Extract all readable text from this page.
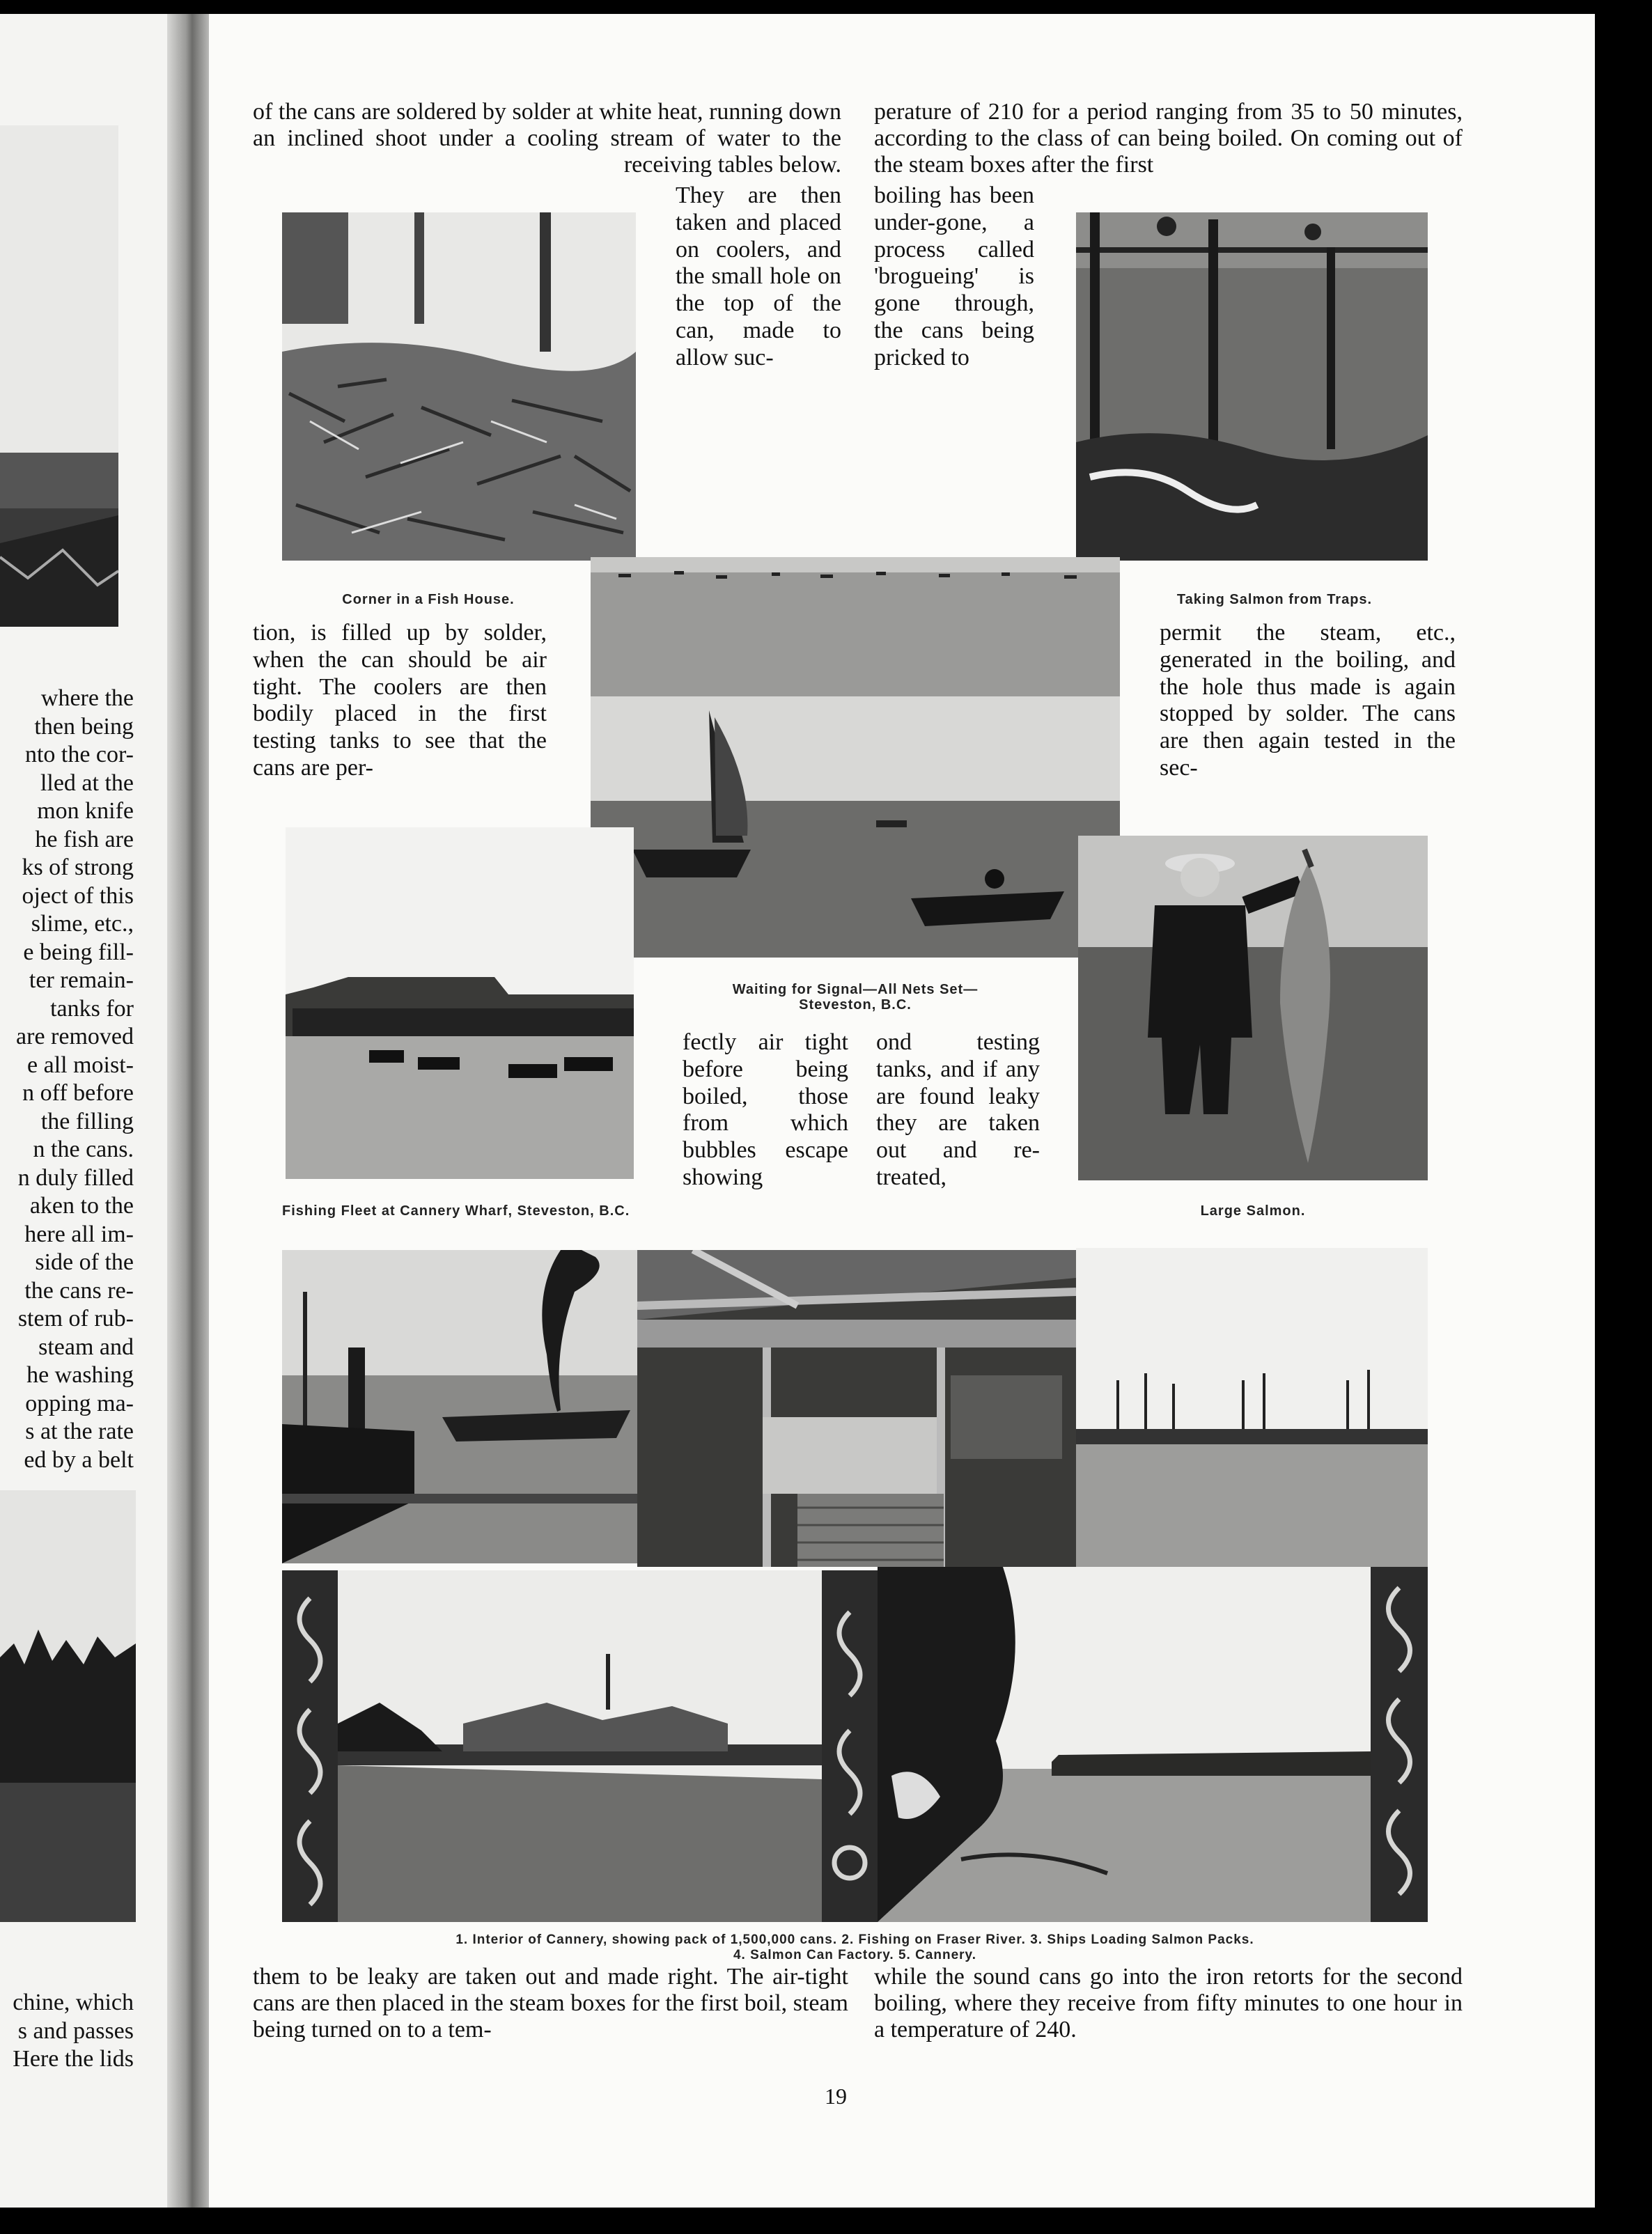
where the
then being
nto the cor-
lled at the
mon knife
he fish are
ks of strong
oject of this
slime, etc.,
e being fill-
ter remain-
tanks for
are removed
e all moist-
n off before
the filling
n the cans.
n duly filled
aken to the
here all im-
side of the
the cans re-
stem of rub-
steam and
he washing
opping ma-
s at the rate
ed by a belt
chine, which
s and passes
Here the lids

of the cans are soldered by solder at white heat, running down an inclined shoot under a cooling stream of water to the receiving tables below.

perature of 210 for a period ranging from 35 to 50 minutes, according to the class of can being boiled. On coming out of the steam boxes after the first

They are then taken and placed on coolers, and the small hole on the top of the can, made to allow suc-

boiling has been under-gone, a process called 'brogueing' is gone through, the cans being pricked to

Waiting for Signal—All Nets Set—
Steveston, B.C.
Corner in a Fish House.	Taking Salmon from Traps.

tion, is filled up by solder, when the can should be air tight. The coolers are then bodily placed in the first testing tanks to see that the cans are per-

permit the steam, etc., generated in the boiling, and the hole thus made is again stopped by solder. The cans are then again tested in the sec-

Fishing Fleet at Cannery Wharf, Steveston, B.C.

fectly air tight before being boiled, those from which bubbles escape showing

ond testing tanks, and if any are found leaky they are taken out and re-treated,

Large Salmon.
1. Interior of Cannery, showing pack of 1,500,000 cans. 2. Fishing on Fraser River. 3. Ships Loading Salmon Packs.
4. Salmon Can Factory. 5. Cannery.

them to be leaky are taken out and made right. The air-tight cans are then placed in the steam boxes for the first boil, steam being turned on to a tem-

while the sound cans go into the iron retorts for the second boiling, where they receive from fifty minutes to one hour in a temperature of 240.

19
